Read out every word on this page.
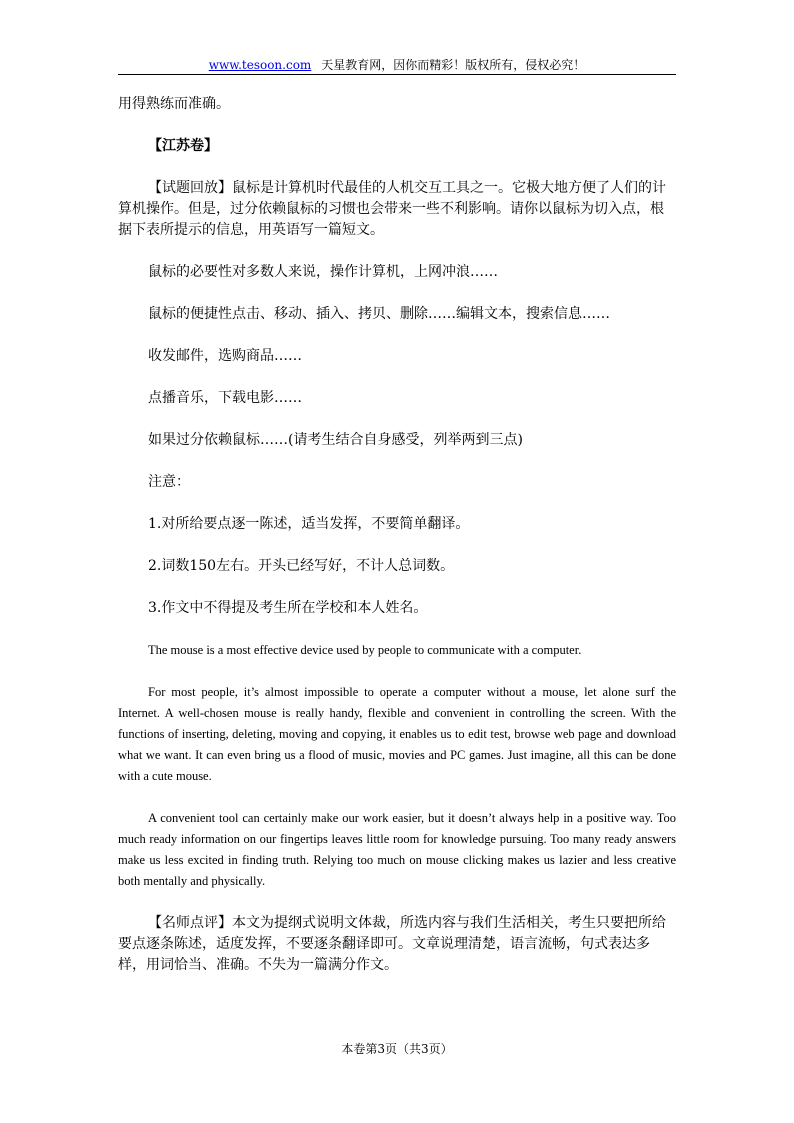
www.tesoon.com 天星教育网，因你而精彩！版权所有，侵权必究！

用得熟练而准确。

【江苏卷】

【试题回放】鼠标是计算机时代最佳的人机交互工具之一。它极大地方便了人们的计算机操作。但是，过分依赖鼠标的习惯也会带来一些不利影响。请你以鼠标为切入点，根据下表所提示的信息，用英语写一篇短文。

鼠标的必要性对多数人来说，操作计算机，上网冲浪……

鼠标的便捷性点击、移动、插入、拷贝、删除……编辑文本，搜索信息……

收发邮件，选购商品……

点播音乐，下载电影……

如果过分依赖鼠标……(请考生结合自身感受，列举两到三点)

注意：

1.对所给要点逐一陈述，适当发挥，不要简单翻译。

2.词数150左右。开头已经写好，不计人总词数。

3.作文中不得提及考生所在学校和本人姓名。

The mouse is a most effective device used by people to communicate with a computer.

For most people, it’s almost impossible to operate a computer without a mouse, let alone surf the Internet. A well-chosen mouse is really handy, flexible and convenient in controlling the screen. With the functions of inserting, deleting, moving and copying, it enables us to edit test, browse web page and download what we want. It can even bring us a flood of music, movies and PC games. Just imagine, all this can be done with a cute mouse.

A convenient tool can certainly make our work easier, but it doesn’t always help in a positive way. Too much ready information on our fingertips leaves little room for knowledge pursuing. Too many ready answers make us less excited in finding truth. Relying too much on mouse clicking makes us lazier and less creative both mentally and physically.

【名师点评】本文为提纲式说明文体裁，所选内容与我们生活相关，考生只要把所给要点逐条陈述，适度发挥，不要逐条翻译即可。文章说理清楚，语言流畅，句式表达多样，用词恰当、准确。不失为一篇满分作文。

本卷第3页（共3页）
